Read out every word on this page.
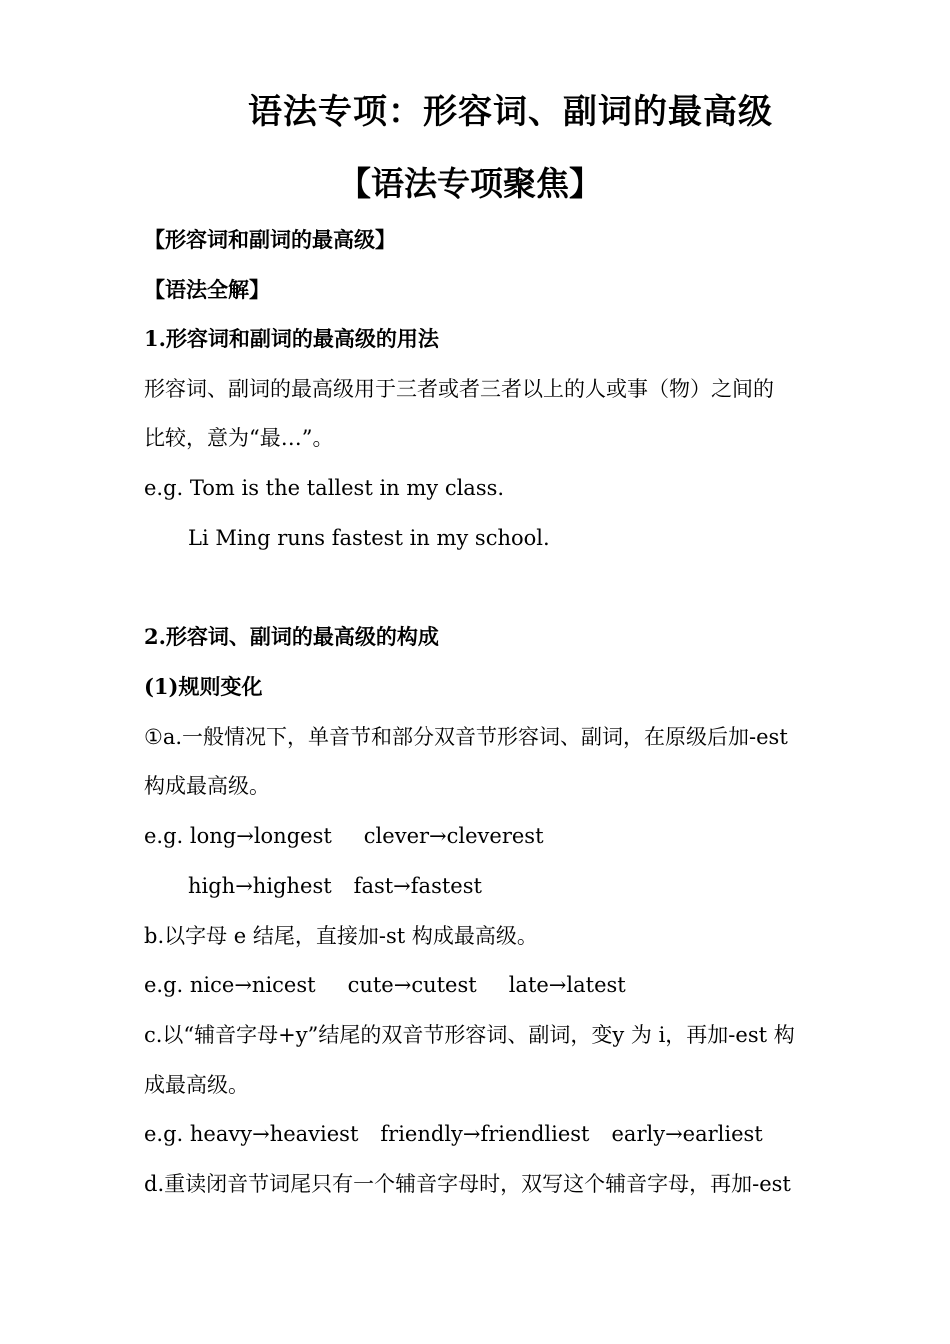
语法专项：形容词、副词的最高级
【语法专项聚焦】
【形容词和副词的最高级】
【语法全解】
1.形容词和副词的最高级的用法
形容词、副词的最高级用于三者或者三者以上的人或事（物）之间的
比较，意为“最…”。
e.g. Tom is the tallest in my class.
Li Ming runs fastest in my school.
2.形容词、副词的最高级的构成
(1)规则变化
①a.一般情况下，单音节和部分双音节形容词、副词，在原级后加-est
构成最高级。
e.g. long→longest clever→cleverest
high→highest fast→fastest
b.以字母 e 结尾，直接加-st 构成最高级。
e.g. nice→nicest cute→cutest late→latest
c.以“辅音字母+y”结尾的双音节形容词、副词，变y 为 i，再加-est 构
成最高级。
e.g. heavy→heaviest friendly→friendliest early→earliest
d.重读闭音节词尾只有一个辅音字母时，双写这个辅音字母，再加-est
